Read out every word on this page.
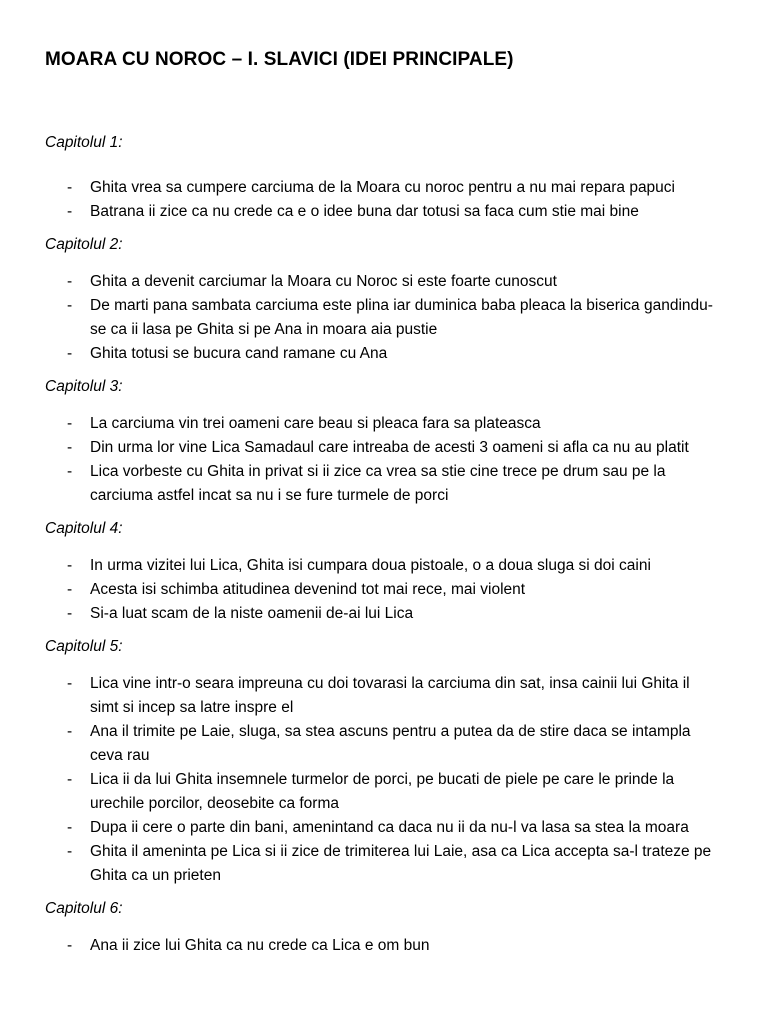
MOARA CU NOROC – I. SLAVICI (IDEI PRINCIPALE)

Capitolul 1:

- Ghita vrea sa cumpere carciuma de la Moara cu noroc pentru a nu mai repara papuci
- Batrana ii zice ca nu crede ca e o idee buna dar totusi sa faca cum stie mai bine

Capitolul 2:

- Ghita a devenit carciumar la Moara cu Noroc si este foarte cunoscut
- De marti pana sambata carciuma este plina iar duminica baba pleaca la biserica gandindu-se ca ii lasa pe Ghita si pe Ana in moara aia pustie
- Ghita totusi se bucura cand ramane cu Ana

Capitolul 3:

- La carciuma vin trei oameni care beau si pleaca fara sa plateasca
- Din urma lor vine Lica Samadaul care intreaba de acesti 3 oameni si afla ca nu au platit
- Lica vorbeste cu Ghita in privat si ii zice ca vrea sa stie cine trece pe drum sau pe la carciuma astfel incat sa nu i se fure turmele de porci

Capitolul 4:

- In urma vizitei lui Lica, Ghita isi cumpara doua pistoale, o a doua sluga si doi caini
- Acesta isi schimba atitudinea devenind tot mai rece, mai violent
- Si-a luat scam de la niste oamenii de-ai lui Lica

Capitolul 5:

- Lica vine intr-o seara impreuna cu doi tovarasi la carciuma din sat, insa cainii lui Ghita il simt si incep sa latre inspre el
- Ana il trimite pe Laie, sluga, sa stea ascuns pentru a putea da de stire daca se intampla ceva rau
- Lica ii da lui Ghita insemnele turmelor de porci, pe bucati de piele pe care le prinde la urechile porcilor, deosebite ca forma
- Dupa ii cere o parte din bani, amenintand ca daca nu ii da nu-l va lasa sa stea la moara
- Ghita il ameninta pe Lica si ii zice de trimiterea lui Laie, asa ca Lica accepta sa-l trateze pe Ghita ca un prieten

Capitolul 6:

- Ana ii zice lui Ghita ca nu crede ca Lica e om bun
